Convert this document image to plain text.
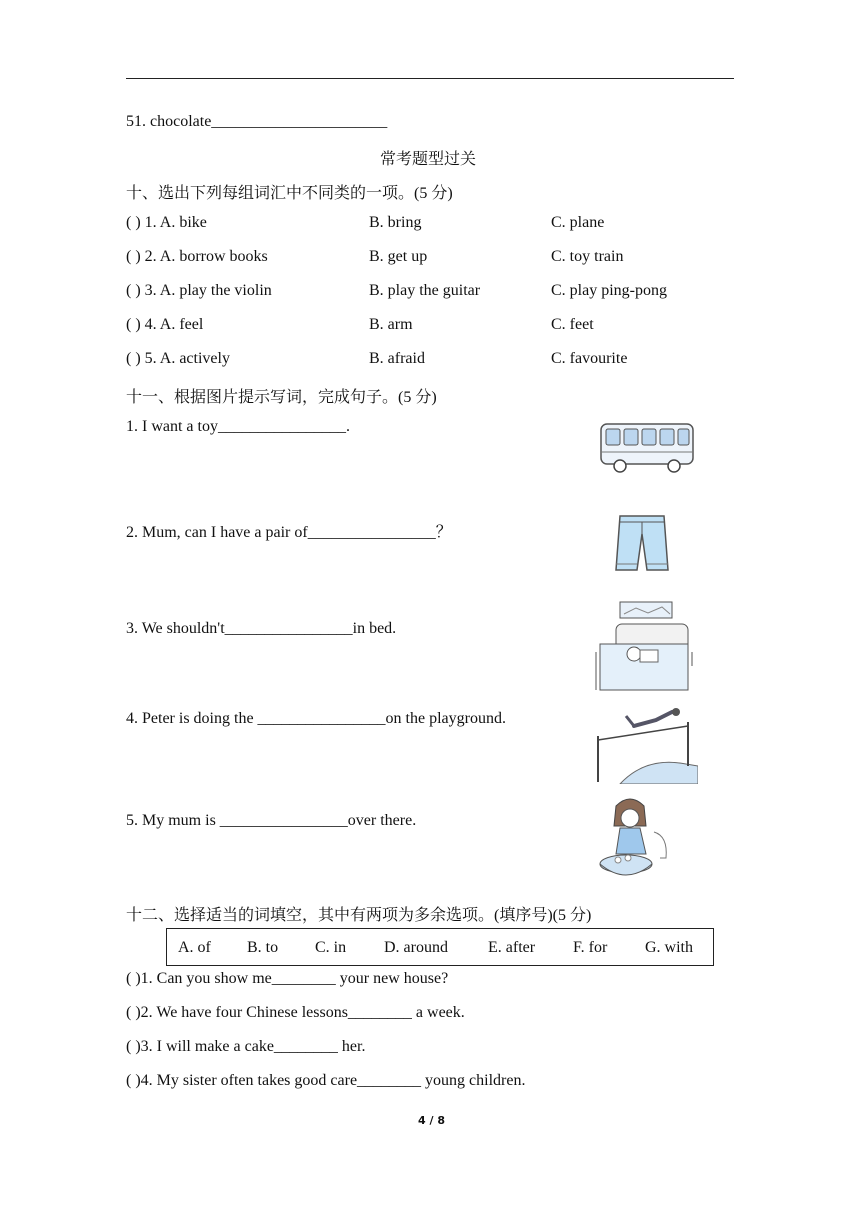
51. chocolate______________________
常考题型过关
十、选出下列每组词汇中不同类的一项。(5 分)
( ) 1. A. bike	B. bring	C. plane
( ) 2. A. borrow books	B. get up	C. toy train
( ) 3. A. play the violin	B. play the guitar	C. play ping-pong
( ) 4. A. feel	B. arm	C. feet
( ) 5. A. actively	B. afraid	C. favourite
十一、根据图片提示写词，完成句子。(5 分)
1. I want a toy________________.
2. Mum, can I have a pair of________________？
3. We shouldn't________________in bed.
4. Peter is doing the ________________on the playground.
5. My mum is ________________over there.
十二、选择适当的词填空，其中有两项为多余选项。(填序号)(5 分)
A. of B. to C. in D. around	E. after F. for G. with
( )1. Can you show me________ your new house?
( )2. We have four Chinese lessons________ a week.
( )3. I will make a cake________ her.
( )4. My sister often takes good care________ young children.
4 / 8
